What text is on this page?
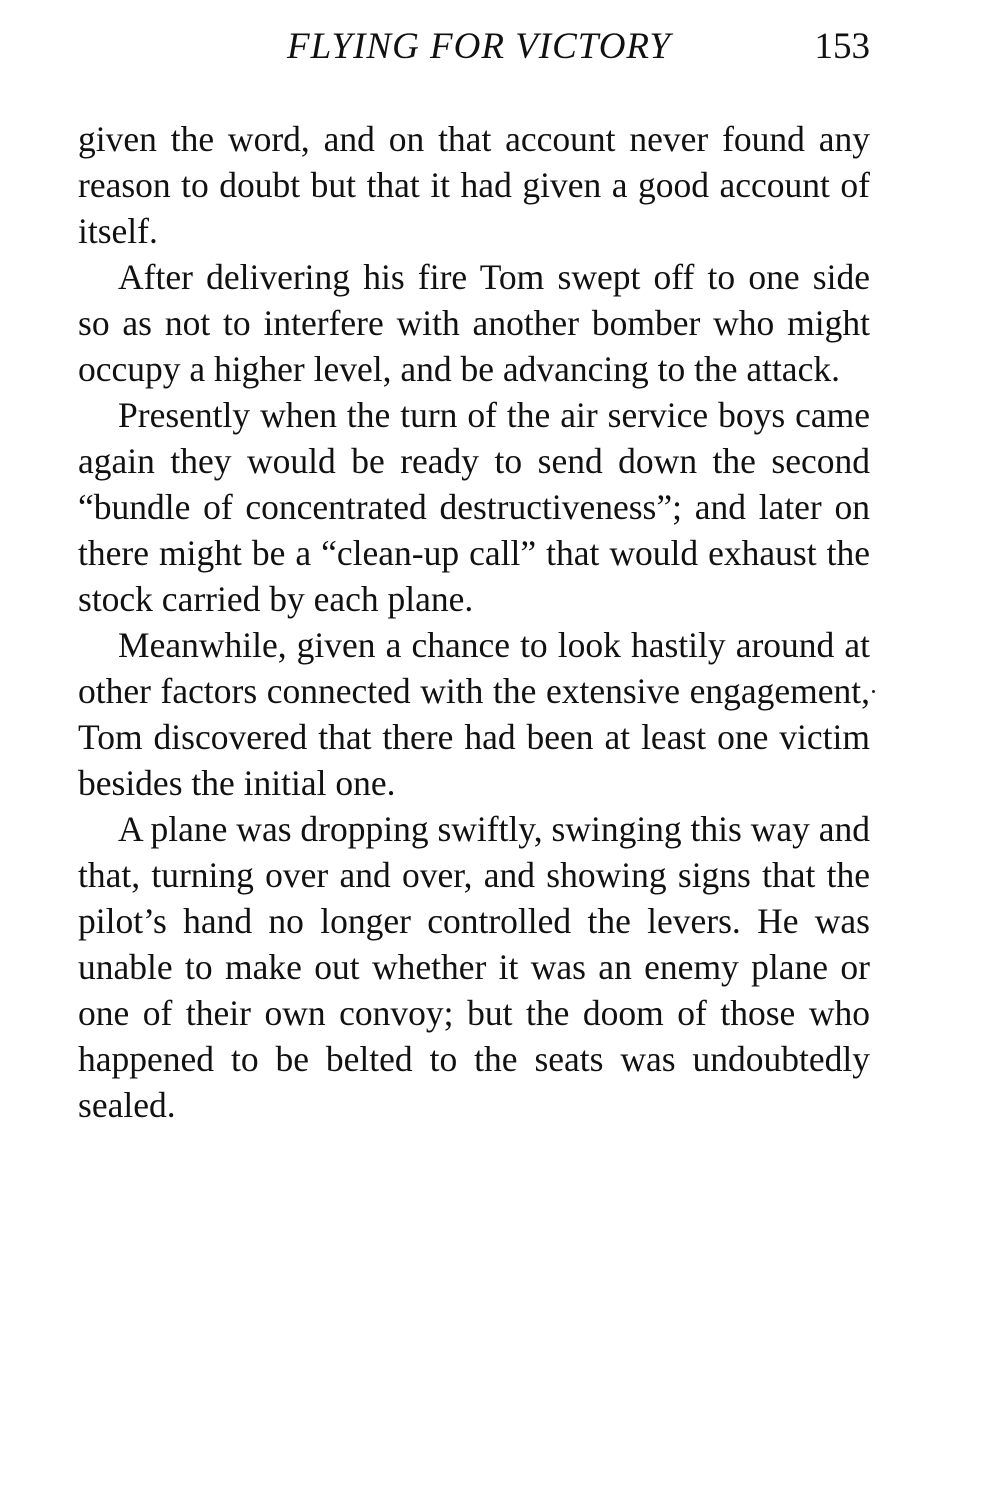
FLYING FOR VICTORY	153

given the word, and on that account never found any reason to doubt but that it had given a good account of itself.

After delivering his fire Tom swept off to one side so as not to interfere with another bomber who might occupy a higher level, and be advancing to the attack.

Presently when the turn of the air service boys came again they would be ready to send down the second “bundle of concentrated destructiveness”; and later on there might be a “clean-up call” that would exhaust the stock carried by each plane.

Meanwhile, given a chance to look hastily around at other factors connected with the extensive engagement, Tom discovered that there had been at least one victim besides the initial one.

A plane was dropping swiftly, swinging this way and that, turning over and over, and showing signs that the pilot’s hand no longer controlled the levers. He was unable to make out whether it was an enemy plane or one of their own convoy; but the doom of those who happened to be belted to the seats was undoubtedly sealed.
